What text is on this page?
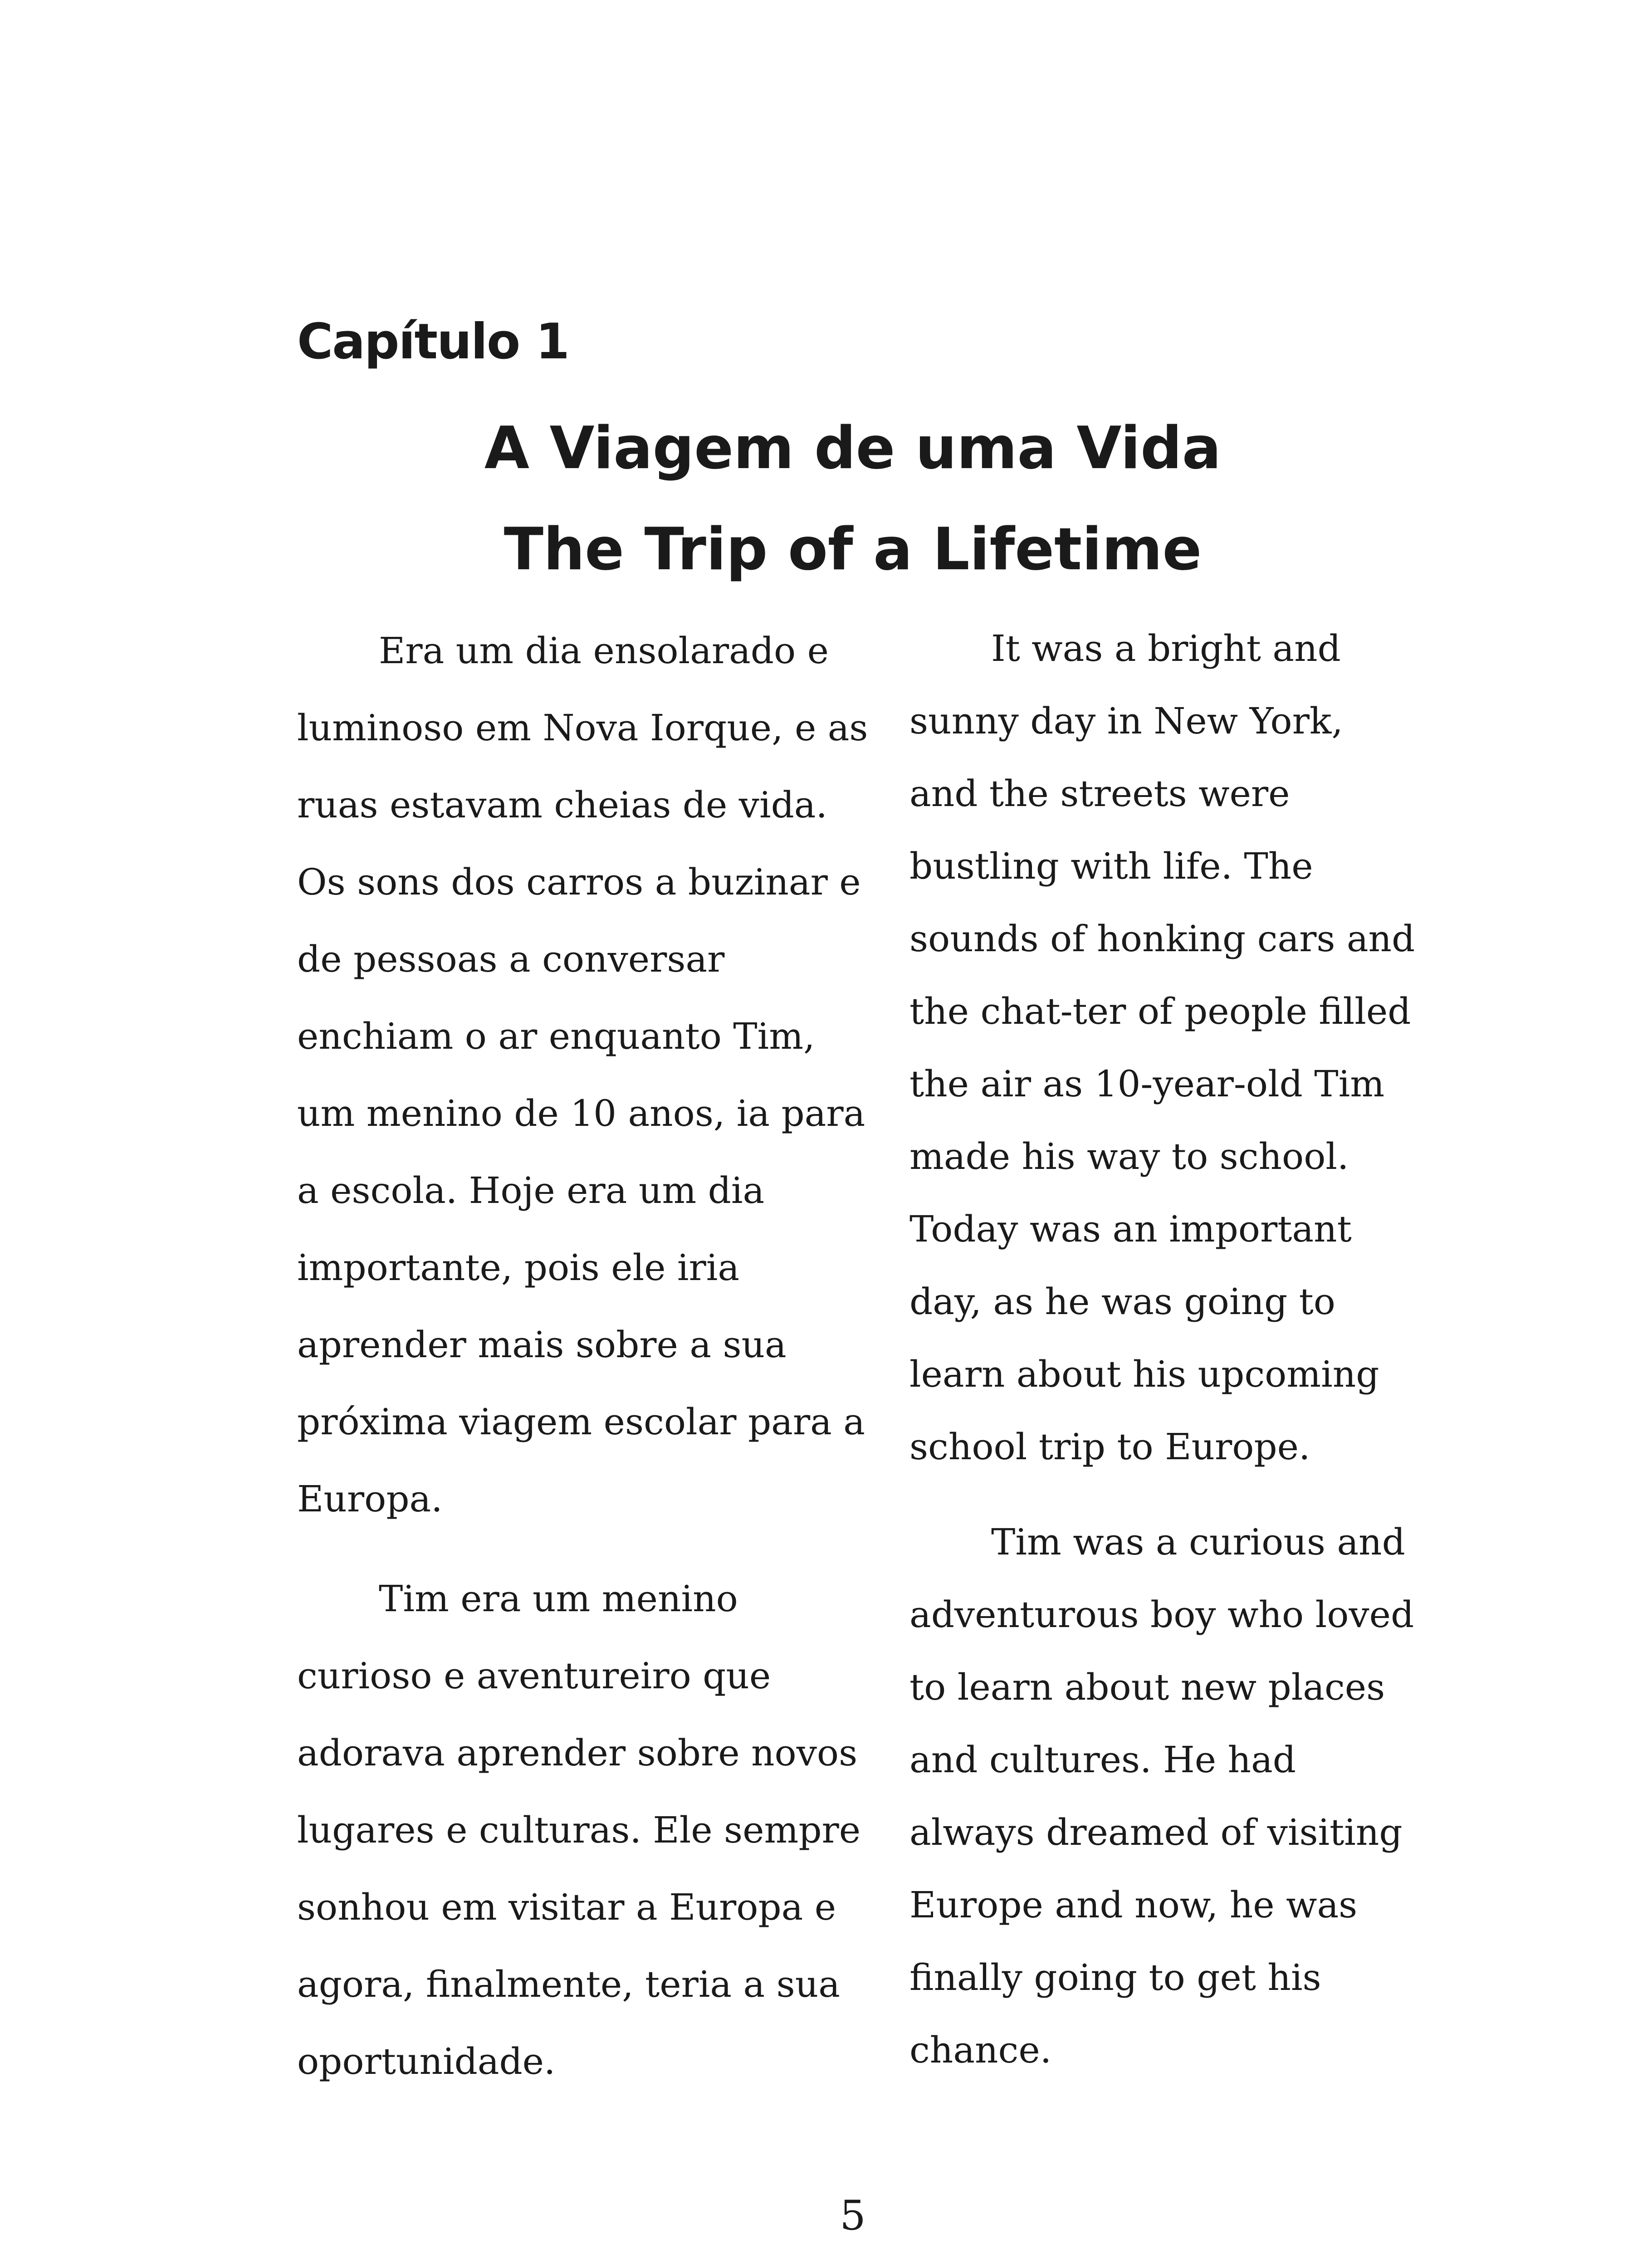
Capítulo 1
A Viagem de uma Vida
The Trip of a Lifetime

Era um dia ensolarado e luminoso em Nova Iorque, e as ruas estavam cheias de vida. Os sons dos carros a buzinar e de pessoas a conversar enchiam o ar enquanto Tim, um menino de 10 anos, ia para a escola. Hoje era um dia importante, pois ele iria aprender mais sobre a sua próxima viagem escolar para a Europa.

Tim era um menino curioso e aventureiro que adorava aprender sobre novos lugares e culturas. Ele sempre sonhou em visitar a Europa e agora, finalmente, teria a sua oportunidade.

It was a bright and sunny day in New York, and the streets were bustling with life. The sounds of honking cars and the chat-ter of people filled the air as 10-year-old Tim made his way to school. Today was an important day, as he was going to learn about his upcoming school trip to Europe.

Tim was a curious and adventurous boy who loved to learn about new places and cultures. He had always dreamed of visiting Europe and now, he was finally going to get his chance.

5
